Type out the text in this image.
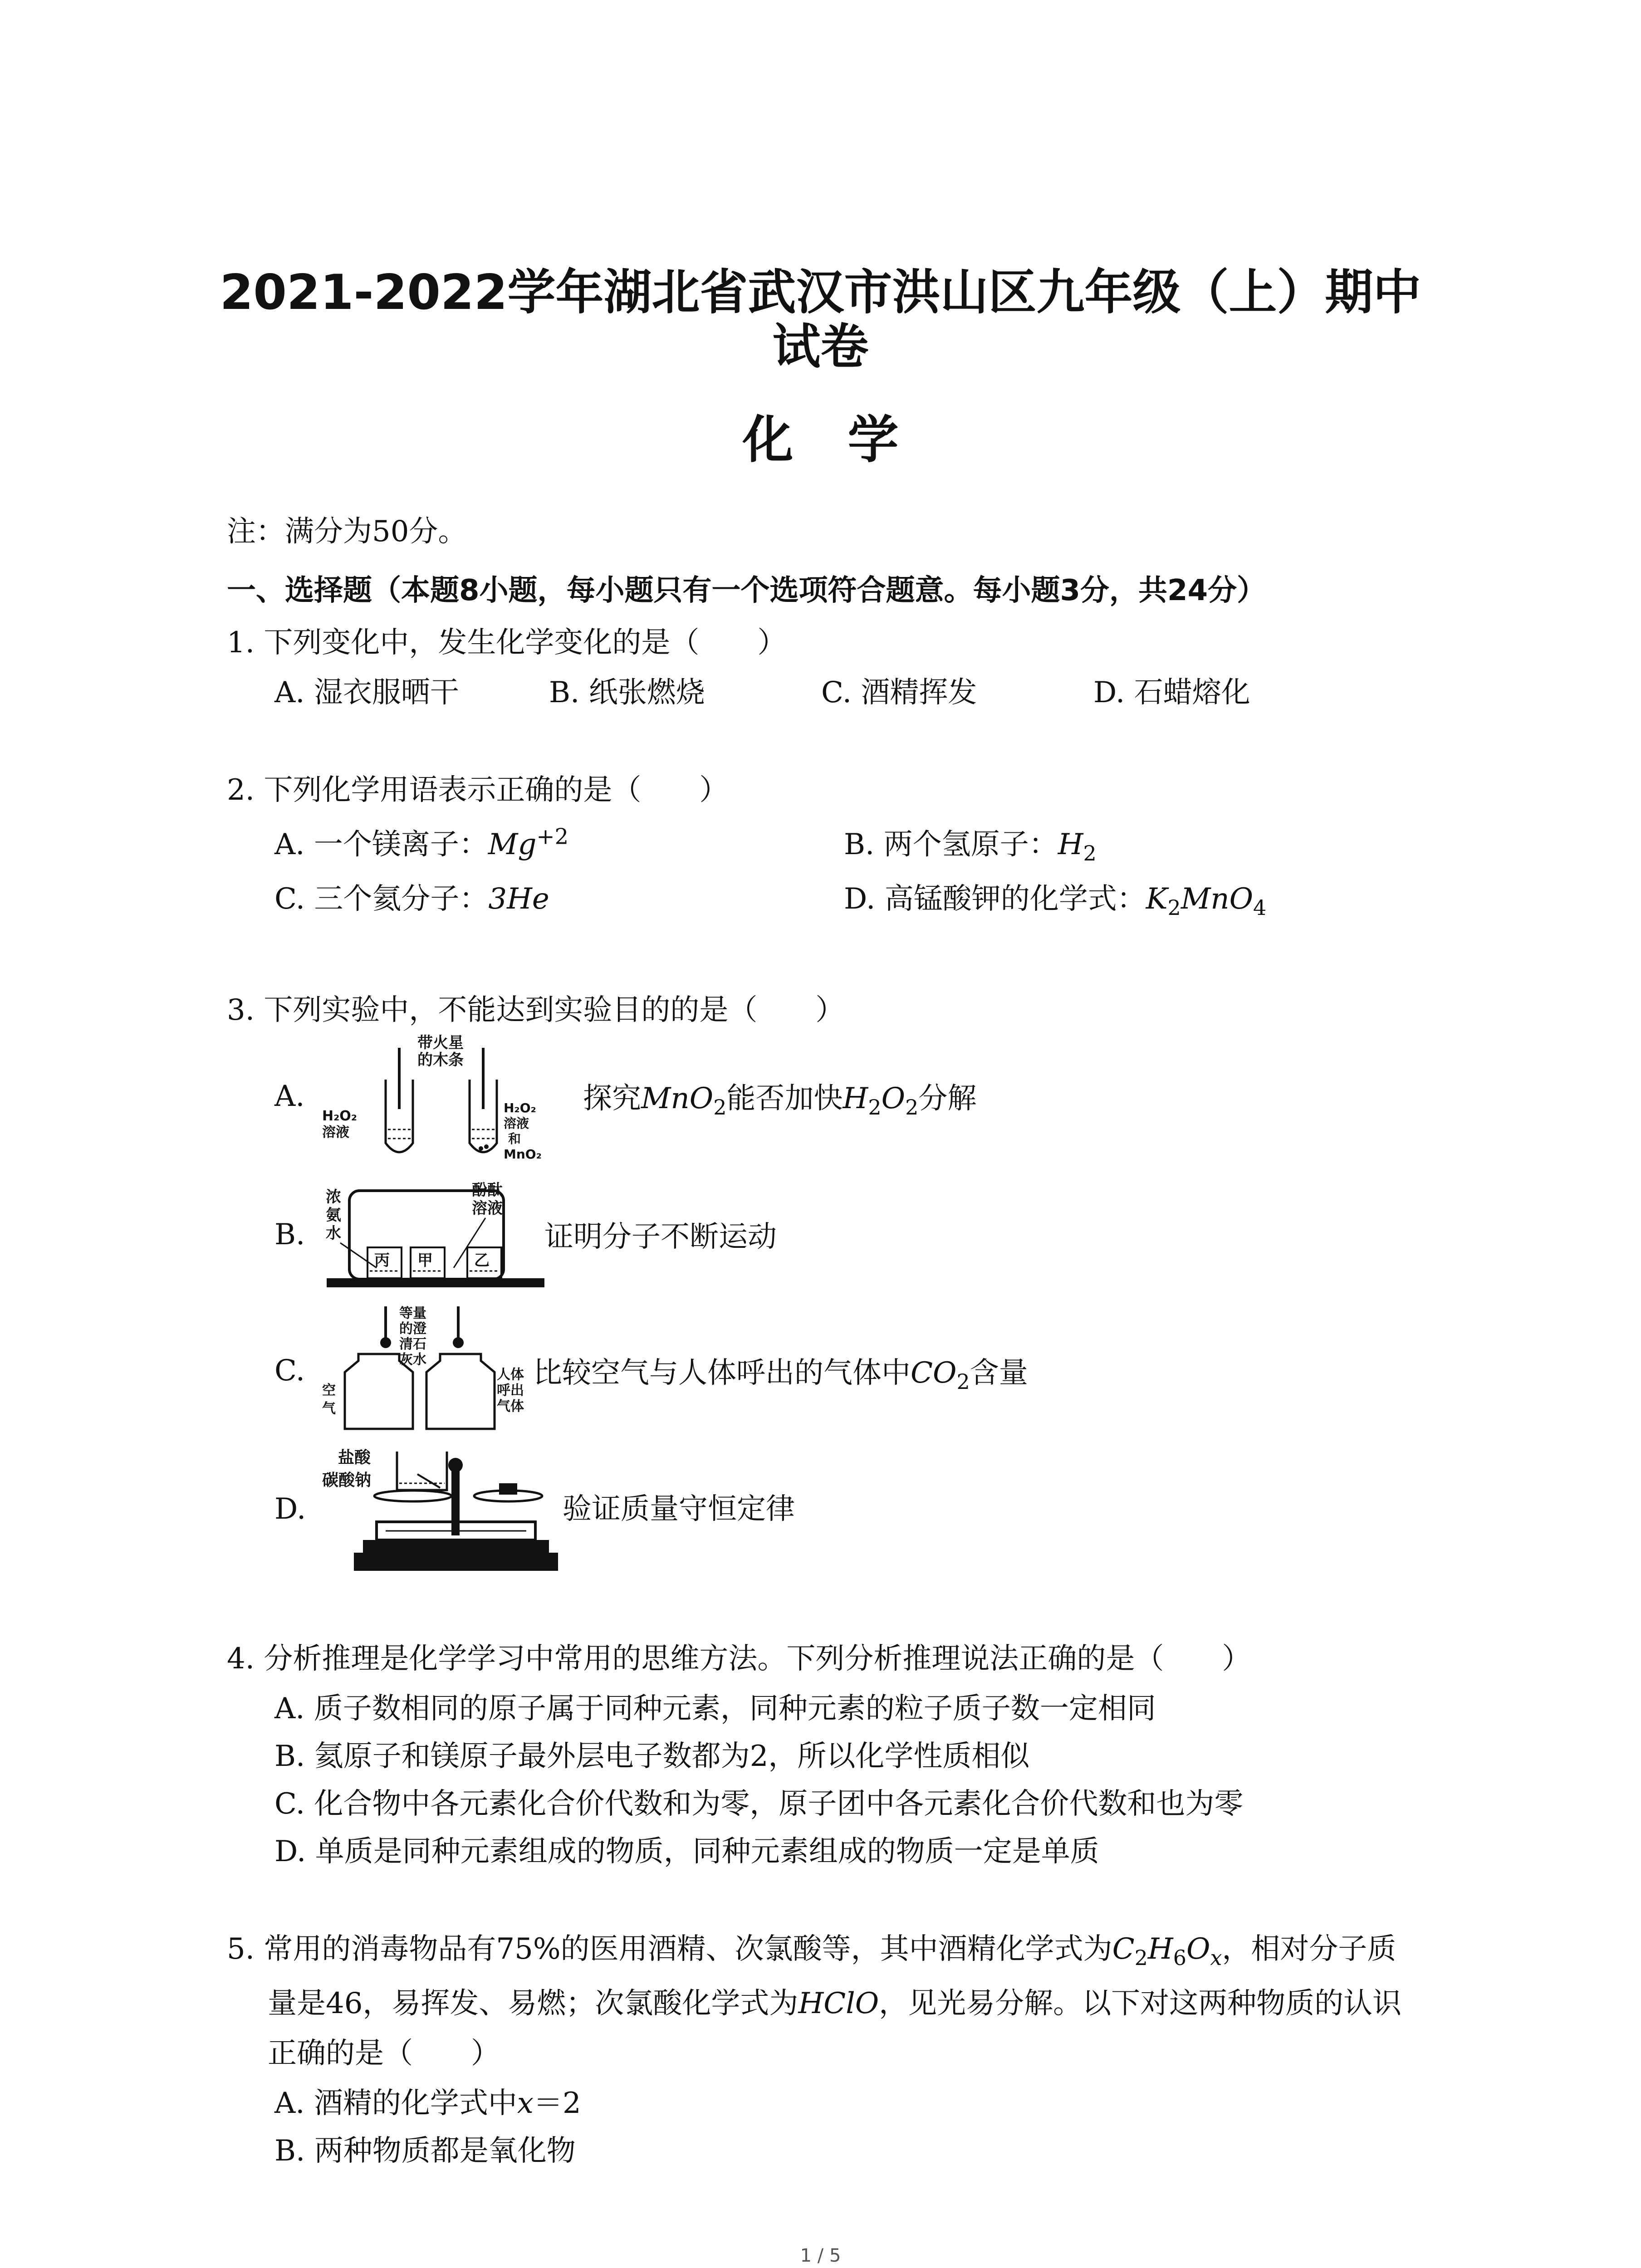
2021-2022学年湖北省武汉市洪山区九年级（上）期中
试卷
化学
注：满分为50分。
一、选择题（本题8小题，每小题只有一个选项符合题意。每小题3分，共24分）
1. 下列变化中，发生化学变化的是（　　）
A. 湿衣服晒干	B. 纸张燃烧	C. 酒精挥发	D. 石蜡熔化
2. 下列化学用语表示正确的是（　　）
A. 一个镁离子：$Mg^{+2}$	B. 两个氢原子：$H_2$
C. 三个氦分子：3He	D. 高锰酸钾的化学式：$K_2MnO_4$
3. 下列实验中，不能达到实验目的的是（　　）
A.
带火星
的木条
H₂O₂
溶液
H₂O₂
溶液
和
MnO₂
探究MnO$_2$能否加快$H_2O_2$分解
B.
丙 甲	乙
浓
氨
水
酚酞
溶液
证明分子不断运动
C.
等量
的澄
清石
灰水
空
气
人体
呼出
气体
比较空气与人体呼出的气体中$CO_2$含量
D.
盐酸
碳酸钠
验证质量守恒定律
4. 分析推理是化学学习中常用的思维方法。下列分析推理说法正确的是（　　）
A. 质子数相同的原子属于同种元素，同种元素的粒子质子数一定相同
B. 氦原子和镁原子最外层电子数都为2，所以化学性质相似
C. 化合物中各元素化合价代数和为零，原子团中各元素化合价代数和也为零
D. 单质是同种元素组成的物质，同种元素组成的物质一定是单质
5. 常用的消毒物品有75%的医用酒精、次氯酸等，其中酒精化学式为$C_2H_6O_x$，相对分子质
量是46，易挥发、易燃；次氯酸化学式为HClO，见光易分解。以下对这两种物质的认识
正确的是（　　）
A. 酒精的化学式中x＝2
B. 两种物质都是氧化物
1 / 5
